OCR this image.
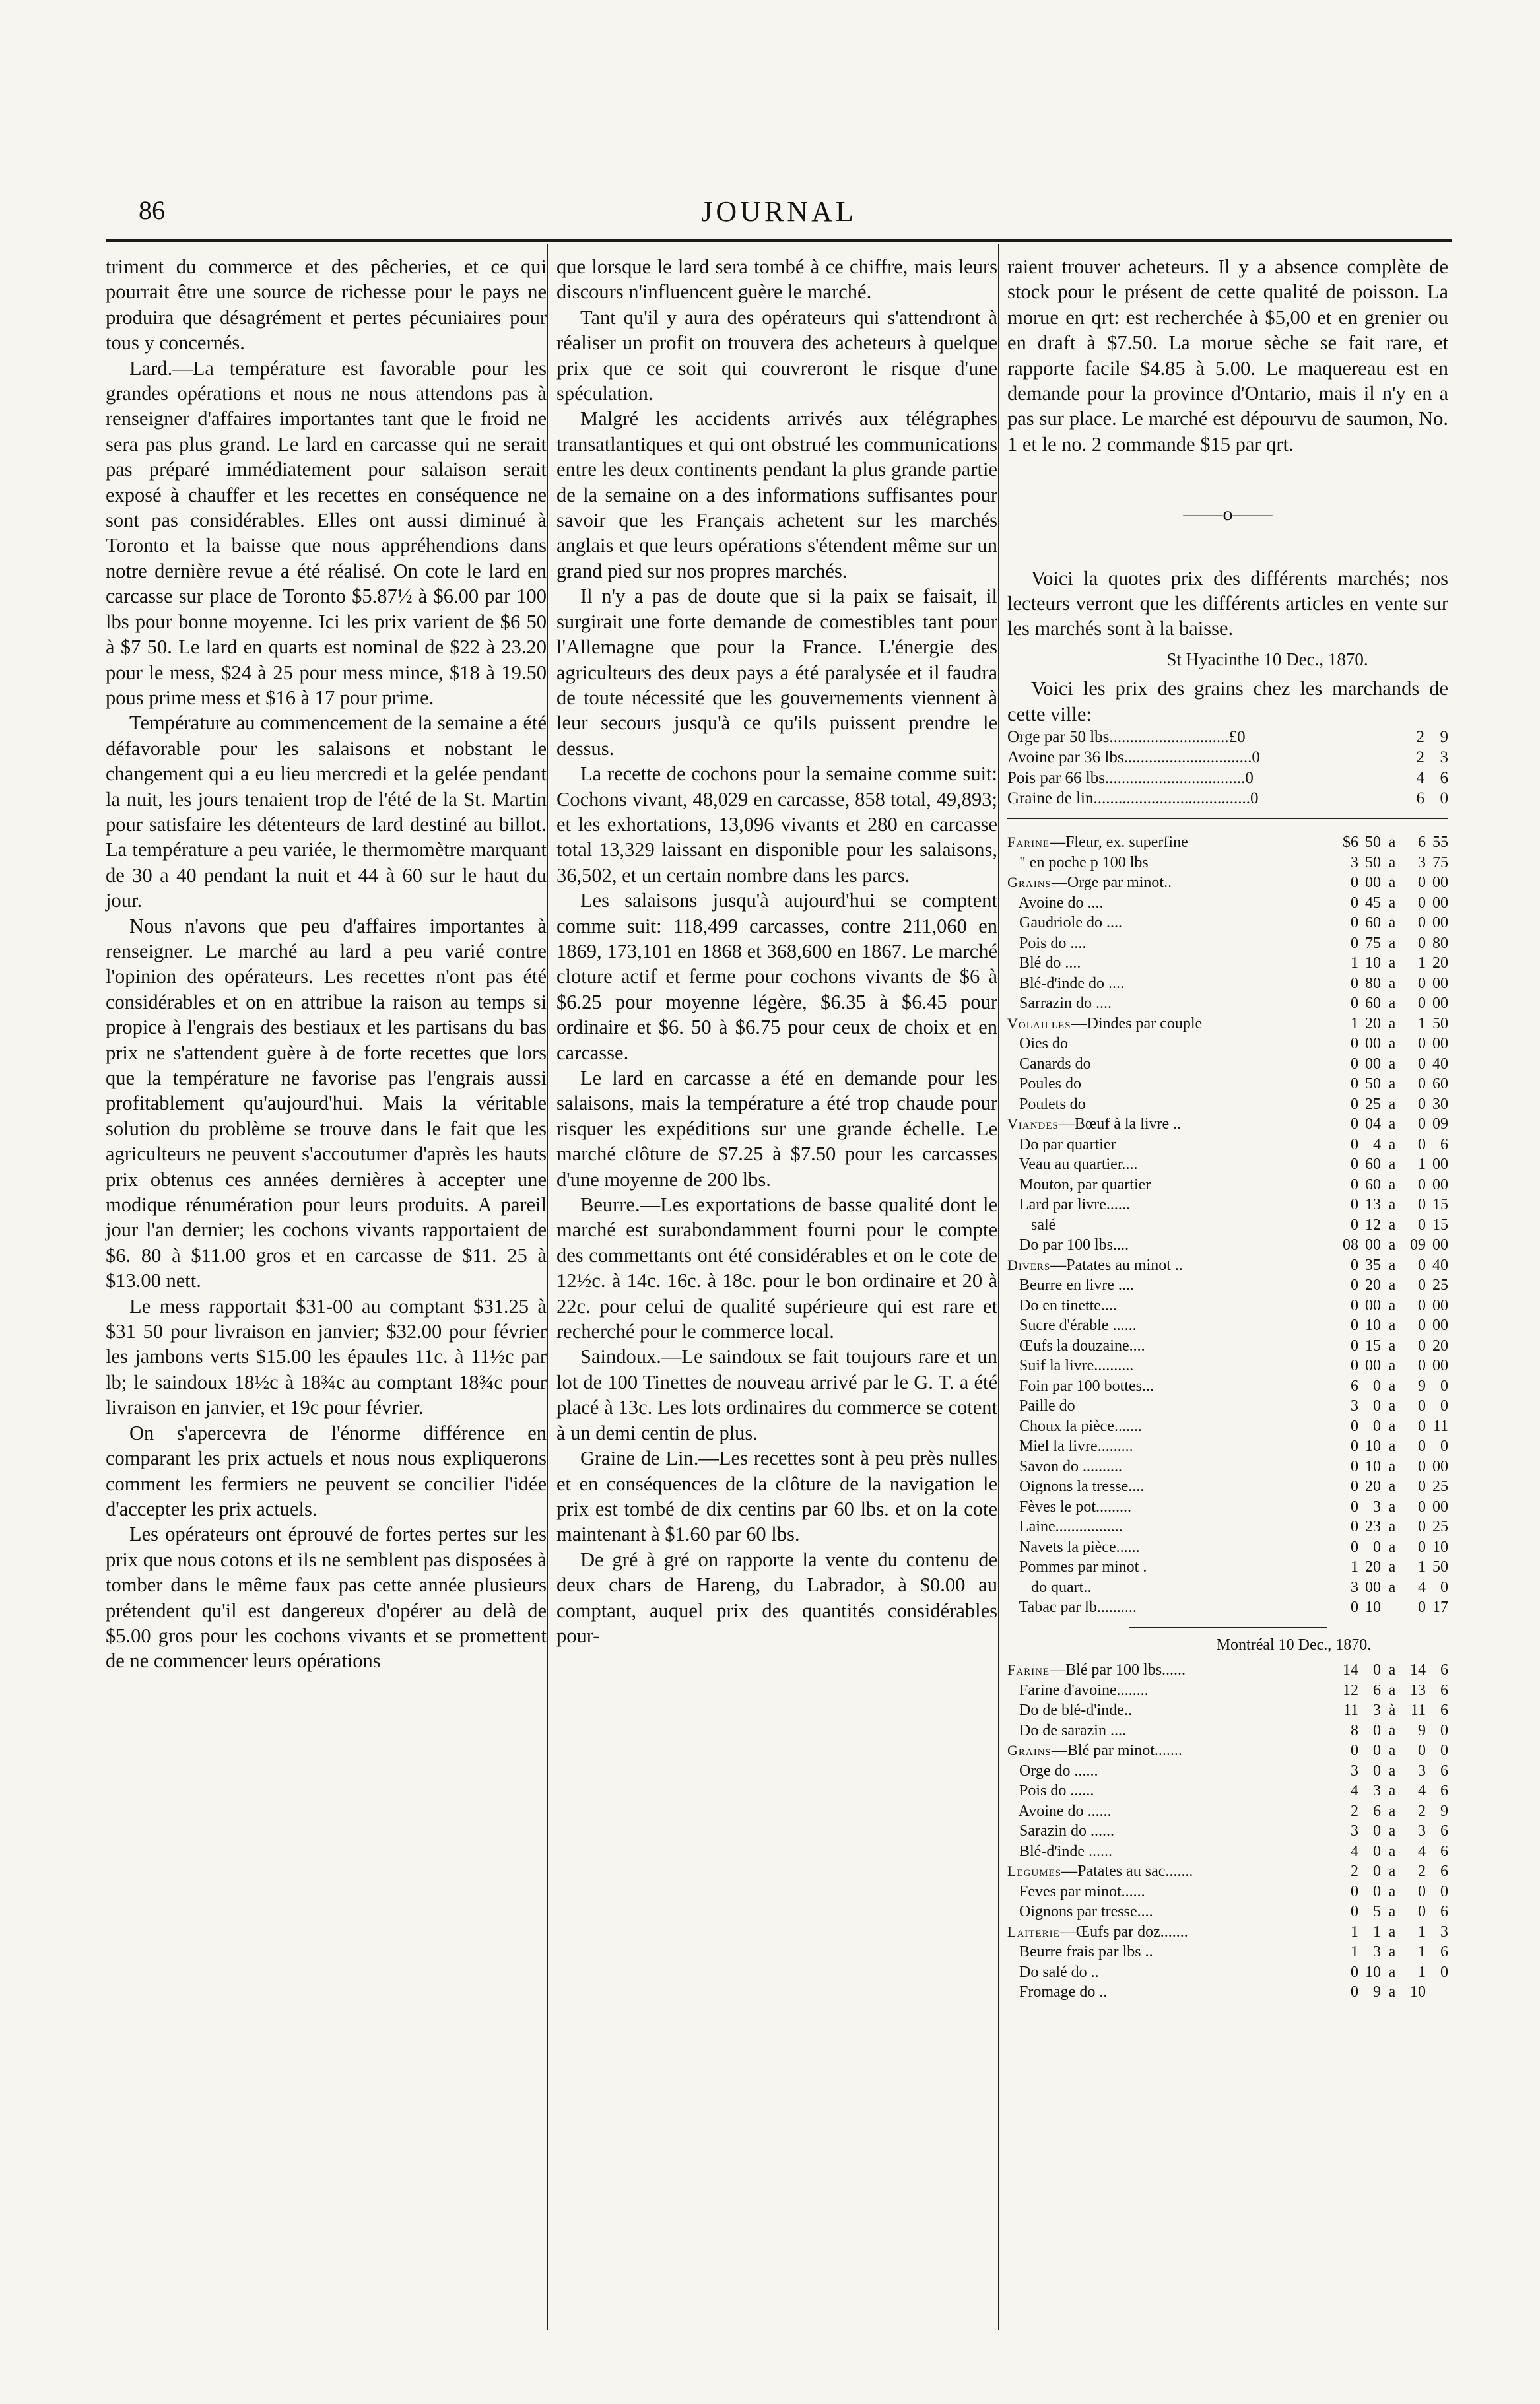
86	JOURNAL

triment du commerce et des pêcheries, et ce qui pourrait être une source de richesse pour le pays ne produira que désagrément et pertes pécuniaires pour tous y concernés.

Lard.—La température est favorable pour les grandes opérations et nous ne nous attendons pas à renseigner d'affaires importantes tant que le froid ne sera pas plus grand. Le lard en carcasse qui ne serait pas préparé immédiatement pour salaison serait exposé à chauffer et les recettes en conséquence ne sont pas considérables. Elles ont aussi diminué à Toronto et la baisse que nous appréhendions dans notre dernière revue a été réalisé. On cote le lard en carcasse sur place de Toronto $5.87½ à $6.00 par 100 lbs pour bonne moyenne. Ici les prix varient de $6 50 à $7 50. Le lard en quarts est nominal de $22 à 23.20 pour le mess, $24 à 25 pour mess mince, $18 à 19.50 pous prime mess et $16 à 17 pour prime.

Température au commencement de la semaine a été défavorable pour les salaisons et nobstant le changement qui a eu lieu mercredi et la gelée pendant la nuit, les jours tenaient trop de l'été de la St. Martin pour satisfaire les détenteurs de lard destiné au billot. La température a peu variée, le thermomètre marquant de 30 a 40 pendant la nuit et 44 à 60 sur le haut du jour.

Nous n'avons que peu d'affaires importantes à renseigner. Le marché au lard a peu varié contre l'opinion des opérateurs. Les recettes n'ont pas été considérables et on en attribue la raison au temps si propice à l'engrais des bestiaux et les partisans du bas prix ne s'attendent guère à de forte recettes que lors que la température ne favorise pas l'engrais aussi profitablement qu'aujourd'hui. Mais la véritable solution du problème se trouve dans le fait que les agriculteurs ne peuvent s'accoutumer d'après les hauts prix obtenus ces années dernières à accepter une modique rénumération pour leurs produits. A pareil jour l'an dernier; les cochons vivants rapportaient de $6. 80 à $11.00 gros et en carcasse de $11. 25 à $13.00 nett.

Le mess rapportait $31-00 au comptant $31.25 à $31 50 pour livraison en janvier; $32.00 pour février les jambons verts $15.00 les épaules 11c. à 11½c par lb; le saindoux 18½c à 18¾c au comptant 18¾c pour livraison en janvier, et 19c pour février.

On s'apercevra de l'énorme différence en comparant les prix actuels et nous nous expliquerons comment les fermiers ne peuvent se concilier l'idée d'accepter les prix actuels.

Les opérateurs ont éprouvé de fortes pertes sur les prix que nous cotons et ils ne semblent pas disposées à tomber dans le même faux pas cette année plusieurs prétendent qu'il est dangereux d'opérer au delà de $5.00 gros pour les cochons vivants et se promettent de ne commencer leurs opérations

que lorsque le lard sera tombé à ce chiffre, mais leurs discours n'influencent guère le marché.

Tant qu'il y aura des opérateurs qui s'attendront à réaliser un profit on trouvera des acheteurs à quelque prix que ce soit qui couvreront le risque d'une spéculation.

Malgré les accidents arrivés aux télégraphes transatlantiques et qui ont obstrué les communications entre les deux continents pendant la plus grande partie de la semaine on a des informations suffisantes pour savoir que les Français achetent sur les marchés anglais et que leurs opérations s'étendent même sur un grand pied sur nos propres marchés.

Il n'y a pas de doute que si la paix se faisait, il surgirait une forte demande de comestibles tant pour l'Allemagne que pour la France. L'énergie des agriculteurs des deux pays a été paralysée et il faudra de toute nécessité que les gouvernements viennent à leur secours jusqu'à ce qu'ils puissent prendre le dessus.

La recette de cochons pour la semaine comme suit: Cochons vivant, 48,029 en carcasse, 858 total, 49,893; et les exhortations, 13,096 vivants et 280 en carcasse total 13,329 laissant en disponible pour les salaisons, 36,502, et un certain nombre dans les parcs.

Les salaisons jusqu'à aujourd'hui se comptent comme suit: 118,499 carcasses, contre 211,060 en 1869, 173,101 en 1868 et 368,600 en 1867. Le marché cloture actif et ferme pour cochons vivants de $6 à $6.25 pour moyenne légère, $6.35 à $6.45 pour ordinaire et $6. 50 à $6.75 pour ceux de choix et en carcasse.

Le lard en carcasse a été en demande pour les salaisons, mais la température a été trop chaude pour risquer les expéditions sur une grande échelle. Le marché clôture de $7.25 à $7.50 pour les carcasses d'une moyenne de 200 lbs.

Beurre.—Les exportations de basse qualité dont le marché est surabondamment fourni pour le compte des commettants ont été considérables et on le cote de 12½c. à 14c. 16c. à 18c. pour le bon ordinaire et 20 à 22c. pour celui de qualité supérieure qui est rare et recherché pour le commerce local.

Saindoux.—Le saindoux se fait toujours rare et un lot de 100 Tinettes de nouveau arrivé par le G. T. a été placé à 13c. Les lots ordinaires du commerce se cotent à un demi centin de plus.

Graine de Lin.—Les recettes sont à peu près nulles et en conséquences de la clôture de la navigation le prix est tombé de dix centins par 60 lbs. et on la cote maintenant à $1.60 par 60 lbs.

De gré à gré on rapporte la vente du contenu de deux chars de Hareng, du Labrador, à $0.00 au comptant, auquel prix des quantités considérables pour-

raient trouver acheteurs. Il y a absence complète de stock pour le présent de cette qualité de poisson. La morue en qrt: est recherchée à $5,00 et en grenier ou en draft à $7.50. La morue sèche se fait rare, et rapporte facile $4.85 à 5.00. Le maquereau est en demande pour la province d'Ontario, mais il n'y en a pas sur place. Le marché est dépourvu de saumon, No. 1 et le no. 2 commande $15 par qrt.

——o——

Voici la quotes prix des différents marchés; nos lecteurs verront que les différents articles en vente sur les marchés sont à la baisse.

St Hyacinthe 10 Dec., 1870.

Voici les prix des grains chez les marchands de cette ville:

Orge par 50 lbs.............................£0	2	9
Avoine par 36 lbs...............................0	2	3
Pois par 66 lbs..................................0	4	6
Graine de lin......................................0	6	0
Farine—Fleur, ex. superfine	$6	50	a	6	55
" en poche p 100 lbs	3	50	a	3	75
Grains—Orge par minot..	0	00	a	0	00
Avoine do ....	0	45	a	0	00
Gaudriole do ....	0	60	a	0	00
Pois do ....	0	75	a	0	80
Blé do ....	1	10	a	1	20
Blé-d'inde do ....	0	80	a	0	00
Sarrazin do ....	0	60	a	0	00
Volailles—Dindes par couple	1	20	a	1	50
Oies do	0	00	a	0	00
Canards do	0	00	a	0	40
Poules do	0	50	a	0	60
Poulets do	0	25	a	0	30
Viandes—Bœuf à la livre ..	0	04	a	0	09
Do par quartier	0	4	a	0	6
Veau au quartier....	0	60	a	1	00
Mouton, par quartier	0	60	a	0	00
Lard par livre......	0	13	a	0	15
salé	0	12	a	0	15
Do par 100 lbs....	08	00	a	09	00
Divers—Patates au minot ..	0	35	a	0	40
Beurre en livre ....	0	20	a	0	25
Do en tinette....	0	00	a	0	00
Sucre d'érable ......	0	10	a	0	00
Œufs la douzaine....	0	15	a	0	20
Suif la livre..........	0	00	a	0	00
Foin par 100 bottes...	6	0	a	9	0
Paille do	3	0	a	0	0
Choux la pièce.......	0	0	a	0	11
Miel la livre.........	0	10	a	0	0
Savon do ..........	0	10	a	0	00
Oignons la tresse....	0	20	a	0	25
Fèves le pot.........	0	3	a	0	00
Laine.................	0	23	a	0	25
Navets la pièce......	0	0	a	0	10
Pommes par minot .	1	20	a	1	50
do quart..	3	00	a	4	0
Tabac par lb..........	0	10		0	17
Montréal 10 Dec., 1870.
Farine—Blé par 100 lbs......	14	0	a	14	6
Farine d'avoine........	12	6	a	13	6
Do de blé-d'inde..	11	3	à	11	6
Do de sarazin ....	8	0	a	9	0
Grains—Blé par minot.......	0	0	a	0	0
Orge do ......	3	0	a	3	6
Pois do ......	4	3	a	4	6
Avoine do ......	2	6	a	2	9
Sarazin do ......	3	0	a	3	6
Blé-d'inde ......	4	0	a	4	6
Legumes—Patates au sac.......	2	0	a	2	6
Feves par minot......	0	0	a	0	0
Oignons par tresse....	0	5	a	0	6
Laiterie—Œufs par doz.......	1	1	a	1	3
Beurre frais par lbs ..	1	3	a	1	6
Do salé do ..	0	10	a	1	0
Fromage do ..	0	9	a	10	
